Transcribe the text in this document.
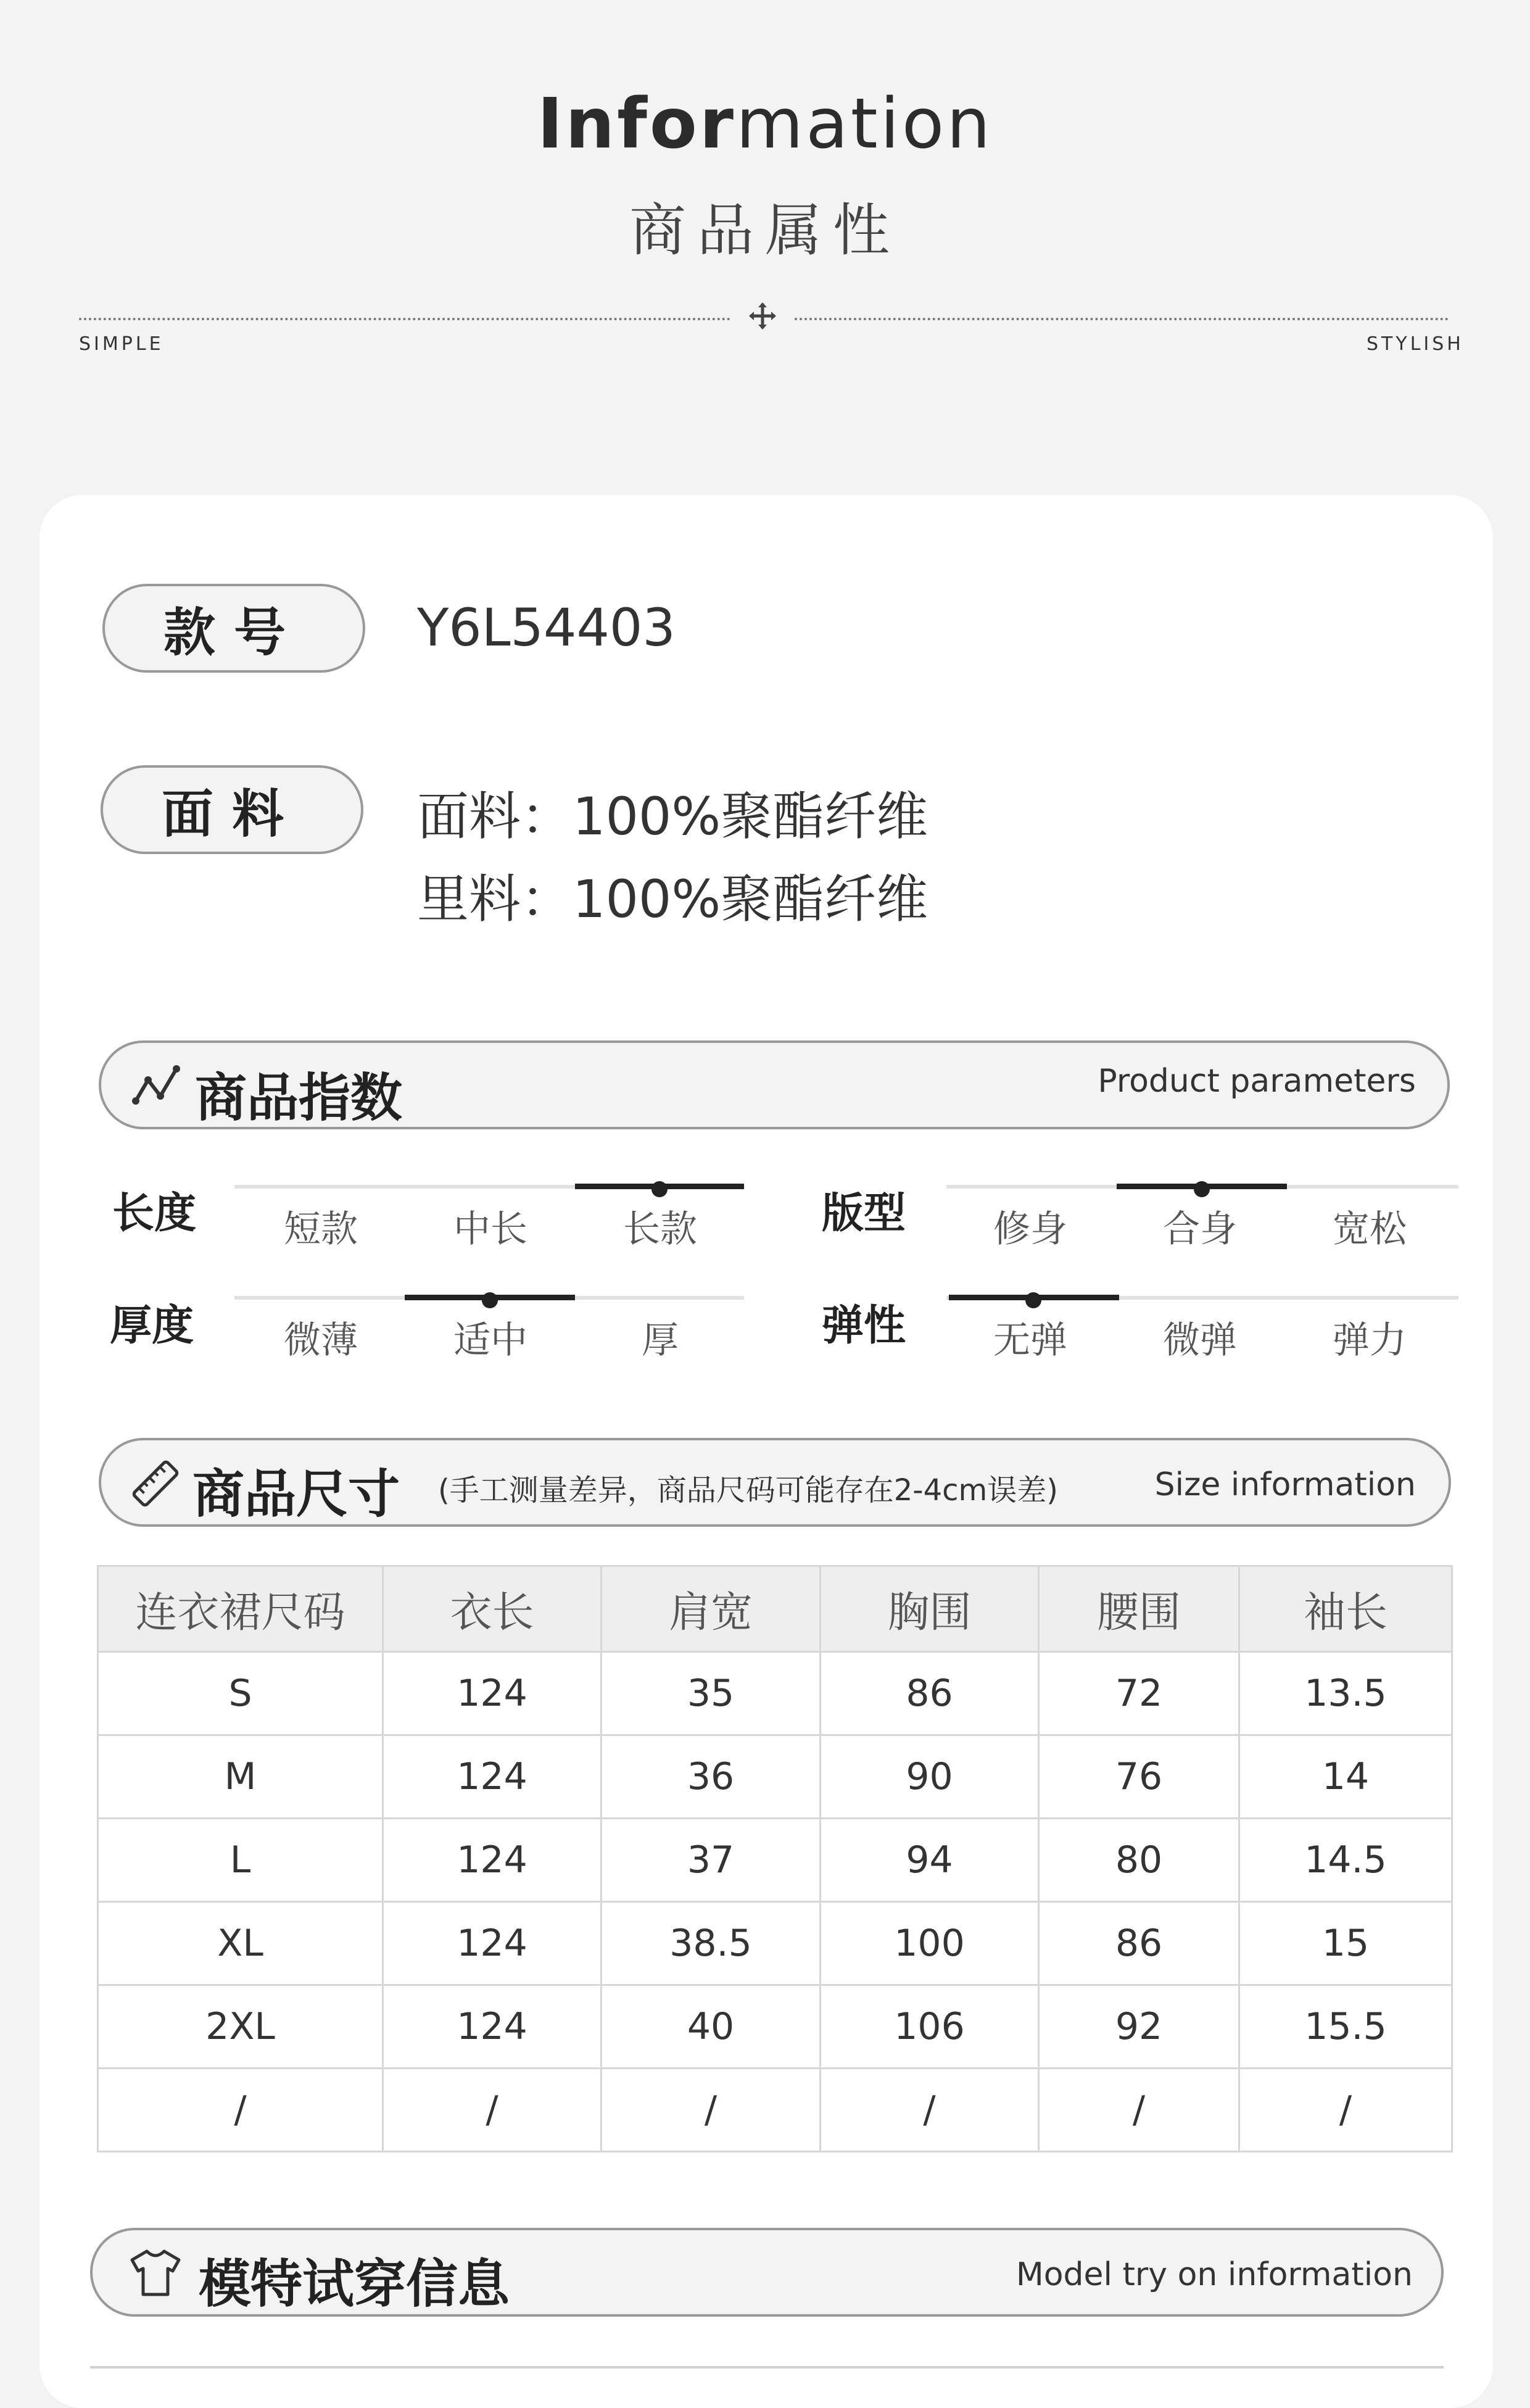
Information
商品属性
SIMPLE	STYLISH
款号 Y6L54403
面料 面料：100%聚酯纤维
里料：100%聚酯纤维
商品指数	Product parameters
长度	短款	中长	长款	版型	修身	合身	宽松
厚度	微薄	适中	厚	弹性	无弹	微弹	弹力
商品尺寸 (手工测量差异，商品尺码可能存在2-4cm误差)	Size information
连衣裙尺码	衣长	肩宽	胸围	腰围	袖长
S	124	35	86	72	13.5
M	124	36	90	76	14
L	124	37	94	80	14.5
XL	124	38.5	100	86	15
2XL	124	40	106	92	15.5
/	/	/	/	/	/
模特试穿信息	Model try on information
